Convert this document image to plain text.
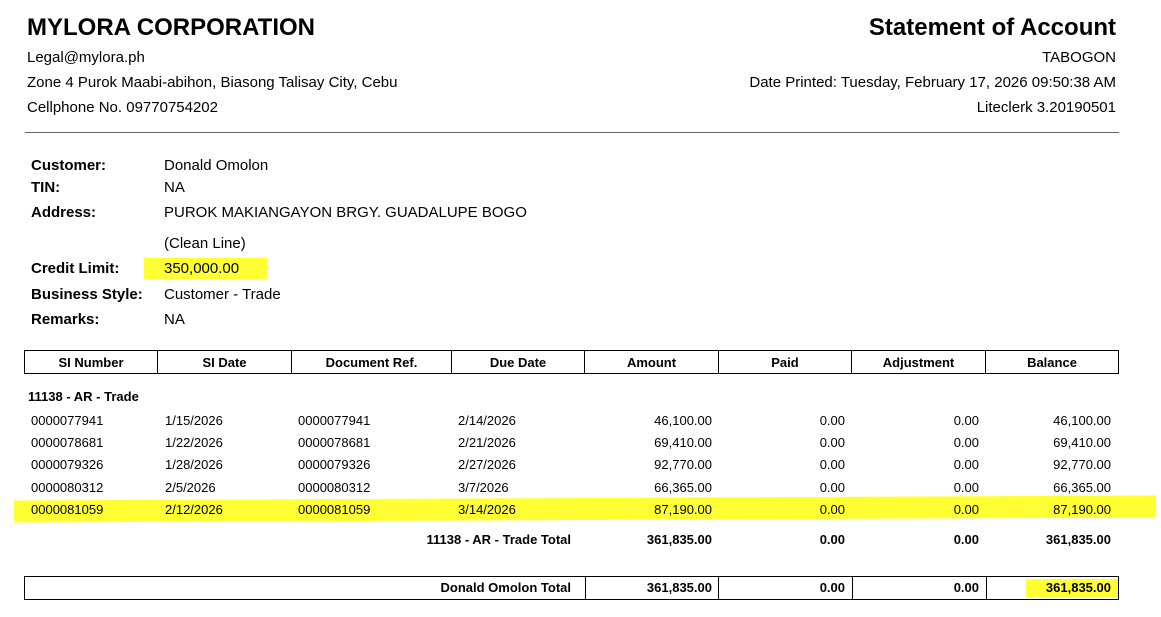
MYLORA CORPORATION
Legal@mylora.ph
Zone 4 Purok Maabi-abihon, Biasong Talisay City, Cebu
Cellphone No. 09770754202
Statement of Account
TABOGON
Date Printed: Tuesday, February 17, 2026 09:50:38 AM
Liteclerk 3.20190501
Customer:	Donald Omolon
TIN:	NA
Address:	PUROK MAKIANGAYON BRGY. GUADALUPE BOGO
(Clean Line)
Credit Limit:	350,000.00
Business Style: Customer - Trade
Remarks:	NA
SI Number	SI Date	Document Ref.	Due Date	Amount	Paid	Adjustment	Balance
11138 - AR - Trade
0000077941	1/15/2026	0000077941	2/14/2026	46,100.00	0.00	0.00	46,100.00
0000078681	1/22/2026	0000078681	2/21/2026	69,410.00	0.00	0.00	69,410.00
0000079326	1/28/2026	0000079326	2/27/2026	92,770.00	0.00	0.00	92,770.00
0000080312	2/5/2026	0000080312	3/7/2026	66,365.00	0.00	0.00	66,365.00
0000081059	2/12/2026	0000081059	3/14/2026	87,190.00	0.00	0.00	87,190.00
11138 - AR - Trade Total	361,835.00	0.00	0.00	361,835.00
Donald Omolon Total	361,835.00	0.00	0.00	361,835.00
